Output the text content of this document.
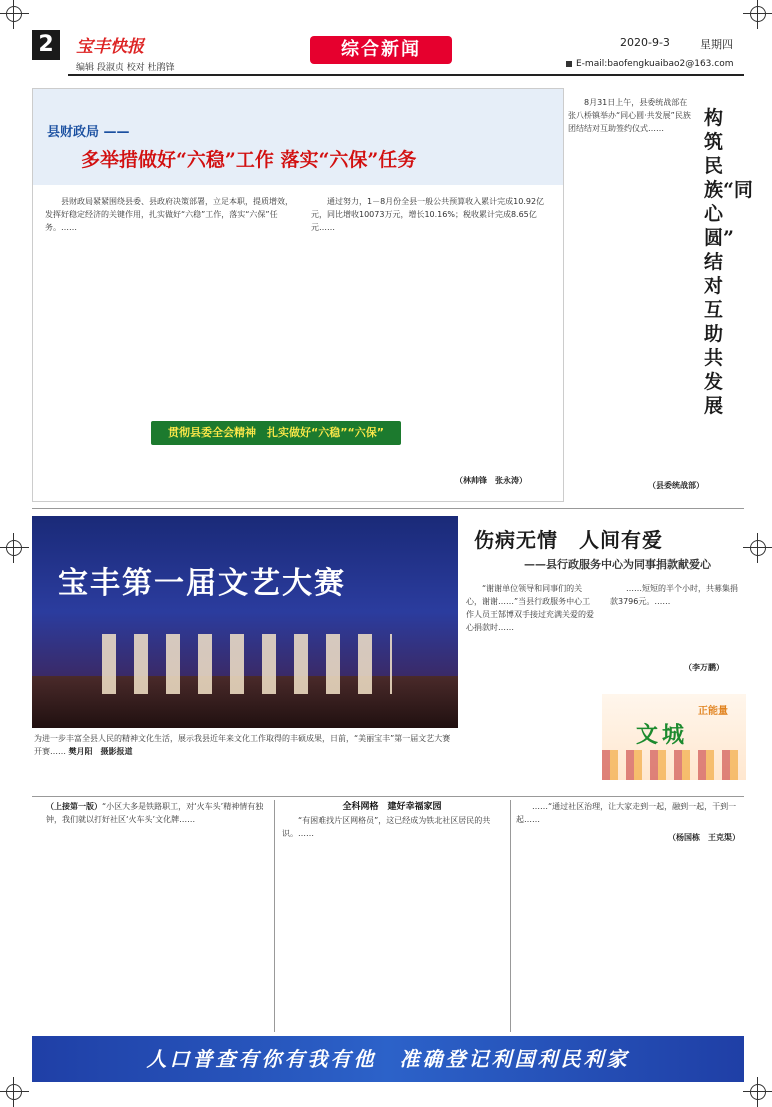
2	宝丰快报
编辑 段淑贞 校对 杜鹃锋
综合新闻	2020-9-3	星期四
E-mail:baofengkuaibao2@163.com
县财政局 ——
多举措做好“六稳”工作 落实“六保”任务

县财政局紧紧围绕县委、县政府决策部署，立足本职，提质增效，发挥好稳定经济的关键作用，扎实做好“六稳”工作，落实“六保”任务。……

通过努力，1－8月份全县一般公共预算收入累计完成10.92亿元，同比增收10073万元，增长10.16%；税收累计完成8.65亿元……

贯彻县委全会精神　扎实做好“六稳”“六保”
（林帅锋　张永涛）

8月31日上午，县委统战部在张八桥镇举办“同心圆·共发展”民族团结结对互助签约仪式……	构筑民族“同心圆” 结对互助共发展
（县委统战部）
宝丰第一届文艺大赛

为进一步丰富全县人民的精神文化生活，展示我县近年来文化工作取得的丰硕成果，日前，“美丽宝丰”第一届文艺大赛开赛…… 樊月阳　摄影报道

伤病无情　人间有爱
——县行政服务中心为同事捐款献爱心

“谢谢单位领导和同事们的关心，谢谢……”当县行政服务中心工作人员王郜博双手接过充满关爱的爱心捐款时……

……短短的半个小时，共募集捐款3796元。……

（李万鹏）
文城
正能量

（上接第一版）“小区大多是铁路职工，对‘火车头’精神情有独钟，我们就以打好社区‘火车头’文化牌……

全科网格　建好幸福家园

“有困难找片区网格员”，这已经成为铁北社区居民的共识。……

……“通过社区治理，让大家走到一起，融到一起，干到一起……

（杨国栋　王克渠）
人口普查有你有我有他　准确登记利国利民利家
